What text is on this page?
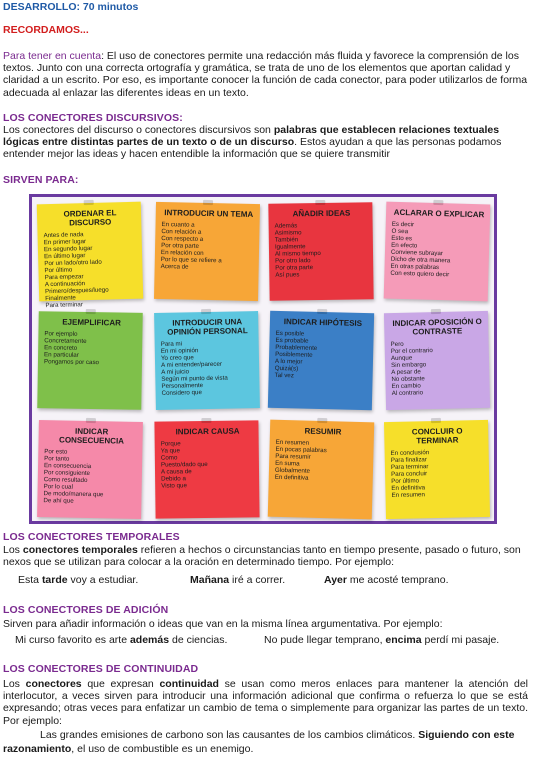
DESARROLLO: 70 minutos
RECORDAMOS...

Para tener en cuenta: El uso de conectores permite una redacción más fluida y favorece la comprensión de los textos. Junto con una correcta ortografía y gramática, se trata de uno de los elementos que aportan calidad y claridad a un escrito. Por eso, es importante conocer la función de cada conector, para poder utilizarlos de forma adecuada al enlazar las diferentes ideas en un texto.

LOS CONECTORES DISCURSIVOS:

Los conectores del discurso o conectores discursivos son palabras que establecen relaciones textuales lógicas entre distintas partes de un texto o de un discurso. Estos ayudan a que las personas podamos entender mejor las ideas y hacen entendible la información que se quiere transmitir

SIRVEN PARA:
ORDENAR EL DISCURSO
Antes de nada
En primer lugar
En segundo lugar
En último lugar
Por un lado/otro lado
Por último
Para empezar
A continuación
Primero/despues/luego
Finalmente
Para terminar
INTRODUCIR UN TEMA
En cuanto a
Con relación a
Con respecto a
Por otra parte
En relación con
Por lo que se refiere a
Acerca de
AÑADIR IDEAS
Además
Asimismo
También
Igualmente
Al mismo tiempo
Por otro lado
Por otra parte
Así pues
ACLARAR O EXPLICAR
Es decir
O sea
Esto es
En efecto
Conviene subrayar
Dicho de otra manera
En otras palabras
Con esto quiero decir
EJEMPLIFICAR
Por ejemplo
Concretamente
En concreto
En particular
Pongamos por caso
INTRODUCIR UNA OPINIÓN PERSONAL
Para mi
En mi opinión
Yo creo que
A mi entender/parecer
A mi juicio
Según mi punto de vista
Personalmente
Considero que
INDICAR HIPÓTESIS
Es posible
Es probable
Probablemente
Posiblemente
A lo mejor
Quizá(s)
Tal vez
INDICAR OPOSICIÓN O CONTRASTE
Pero
Por el contrario
Aunque
Sin embargo
A pesar de
No obstante
En cambio
Al contrario
INDICAR CONSECUENCIA
Por esto
Por tanto
En consecuencia
Por consiguiente
Como resultado
Por lo cual
De modo/manera que
De ahí que
INDICAR CAUSA
Porque
Ya que
Como
Puesto/dado que
A causa de
Debido a
Visto que
RESUMIR
En resumen
En pocas palabras
Para resumir
En suma
Globalmente
En definitiva
CONCLUIR O TERMINAR
En conclusión
Para finalizar
Para terminar
Para concluir
Por último
En definitiva
En resumen
LOS CONECTORES TEMPORALES

Los conectores temporales refieren a hechos o circunstancias tanto en tiempo presente, pasado o futuro, son nexos que se utilizan para colocar a la oración en determinado tiempo. Por ejemplo:

Esta tarde voy a estudiar.	Mañana iré a correr.	Ayer me acosté temprano.
LOS CONECTORES DE ADICIÓN

Sirven para añadir información o ideas que van en la misma línea argumentativa. Por ejemplo:

Mi curso favorito es arte además de ciencias.	No pude llegar temprano, encima perdí mi pasaje.
LOS CONECTORES DE CONTINUIDAD

Los conectores que expresan continuidad se usan como meros enlaces para mantener la atención del interlocutor, a veces sirven para introducir una información adicional que confirma o refuerza lo que se está expresando; otras veces para enfatizar un cambio de tema o simplemente para organizar las partes de un texto. Por ejemplo:

Las grandes emisiones de carbono son las causantes de los cambios climáticos. Siguiendo con este razonamiento, el uso de combustible es un enemigo.
